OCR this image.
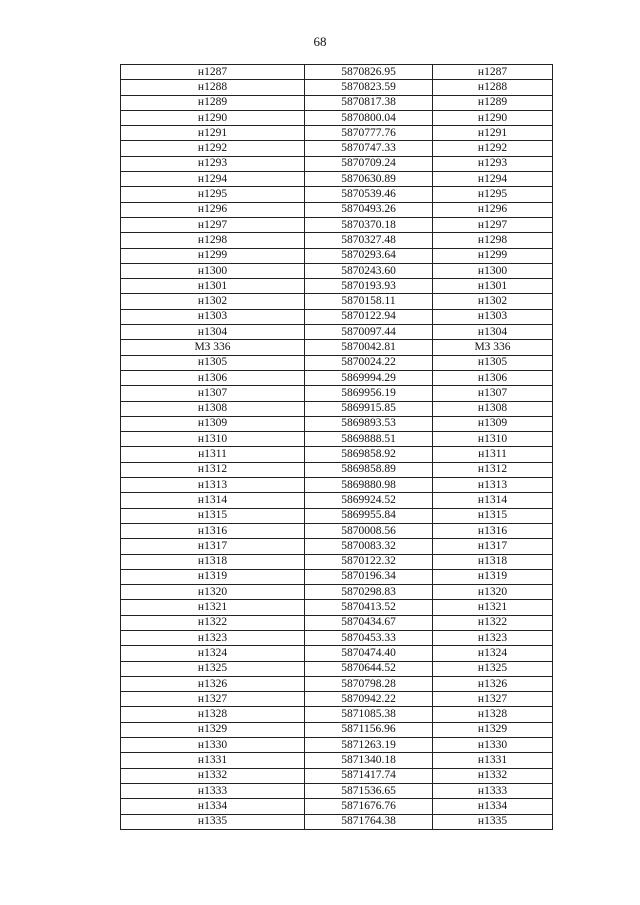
68
н1287	5870826.95	н1287
н1288	5870823.59	н1288
н1289	5870817.38	н1289
н1290	5870800.04	н1290
н1291	5870777.76	н1291
н1292	5870747.33	н1292
н1293	5870709.24	н1293
н1294	5870630.89	н1294
н1295	5870539.46	н1295
н1296	5870493.26	н1296
н1297	5870370.18	н1297
н1298	5870327.48	н1298
н1299	5870293.64	н1299
н1300	5870243.60	н1300
н1301	5870193.93	н1301
н1302	5870158.11	н1302
н1303	5870122.94	н1303
н1304	5870097.44	н1304
МЗ 336	5870042.81	МЗ 336
н1305	5870024.22	н1305
н1306	5869994.29	н1306
н1307	5869956.19	н1307
н1308	5869915.85	н1308
н1309	5869893.53	н1309
н1310	5869888.51	н1310
н1311	5869858.92	н1311
н1312	5869858.89	н1312
н1313	5869880.98	н1313
н1314	5869924.52	н1314
н1315	5869955.84	н1315
н1316	5870008.56	н1316
н1317	5870083.32	н1317
н1318	5870122.32	н1318
н1319	5870196.34	н1319
н1320	5870298.83	н1320
н1321	5870413.52	н1321
н1322	5870434.67	н1322
н1323	5870453.33	н1323
н1324	5870474.40	н1324
н1325	5870644.52	н1325
н1326	5870798.28	н1326
н1327	5870942.22	н1327
н1328	5871085.38	н1328
н1329	5871156.96	н1329
н1330	5871263.19	н1330
н1331	5871340.18	н1331
н1332	5871417.74	н1332
н1333	5871536.65	н1333
н1334	5871676.76	н1334
н1335	5871764.38	н1335
